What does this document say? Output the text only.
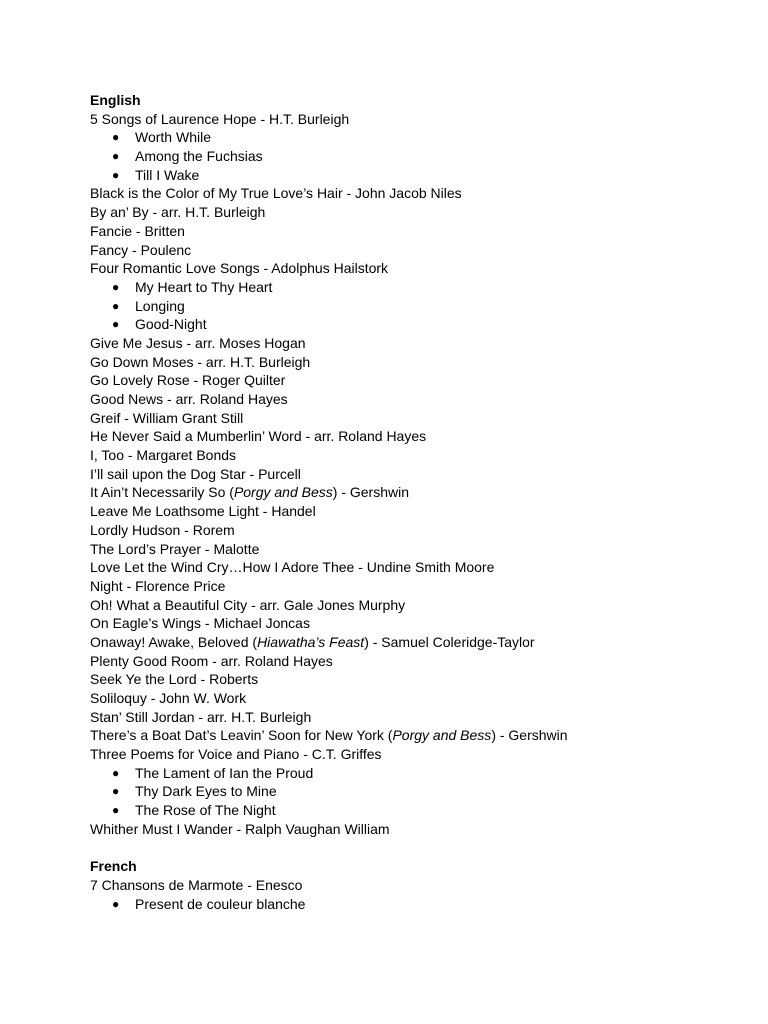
English
5 Songs of Laurence Hope - H.T. Burleigh
● Worth While
● Among the Fuchsias
● Till I Wake
Black is the Color of My True Love’s Hair - John Jacob Niles
By an’ By - arr. H.T. Burleigh
Fancie - Britten
Fancy - Poulenc
Four Romantic Love Songs - Adolphus Hailstork
● My Heart to Thy Heart
● Longing
● Good-Night
Give Me Jesus - arr. Moses Hogan
Go Down Moses - arr. H.T. Burleigh
Go Lovely Rose - Roger Quilter
Good News - arr. Roland Hayes
Greif - William Grant Still
He Never Said a Mumberlin’ Word - arr. Roland Hayes
I, Too - Margaret Bonds
I’ll sail upon the Dog Star - Purcell
It Ain’t Necessarily So (Porgy and Bess) - Gershwin
Leave Me Loathsome Light - Handel
Lordly Hudson - Rorem
The Lord’s Prayer - Malotte
Love Let the Wind Cry…How I Adore Thee - Undine Smith Moore
Night - Florence Price
Oh! What a Beautiful City - arr. Gale Jones Murphy
On Eagle’s Wings - Michael Joncas
Onaway! Awake, Beloved (Hiawatha’s Feast) - Samuel Coleridge-Taylor
Plenty Good Room - arr. Roland Hayes
Seek Ye the Lord - Roberts
Soliloquy - John W. Work
Stan’ Still Jordan - arr. H.T. Burleigh
There’s a Boat Dat’s Leavin’ Soon for New York (Porgy and Bess) - Gershwin
Three Poems for Voice and Piano - C.T. Griffes
● The Lament of Ian the Proud
● Thy Dark Eyes to Mine
● The Rose of The Night
Whither Must I Wander - Ralph Vaughan William
French
7 Chansons de Marmote - Enesco
● Present de couleur blanche
